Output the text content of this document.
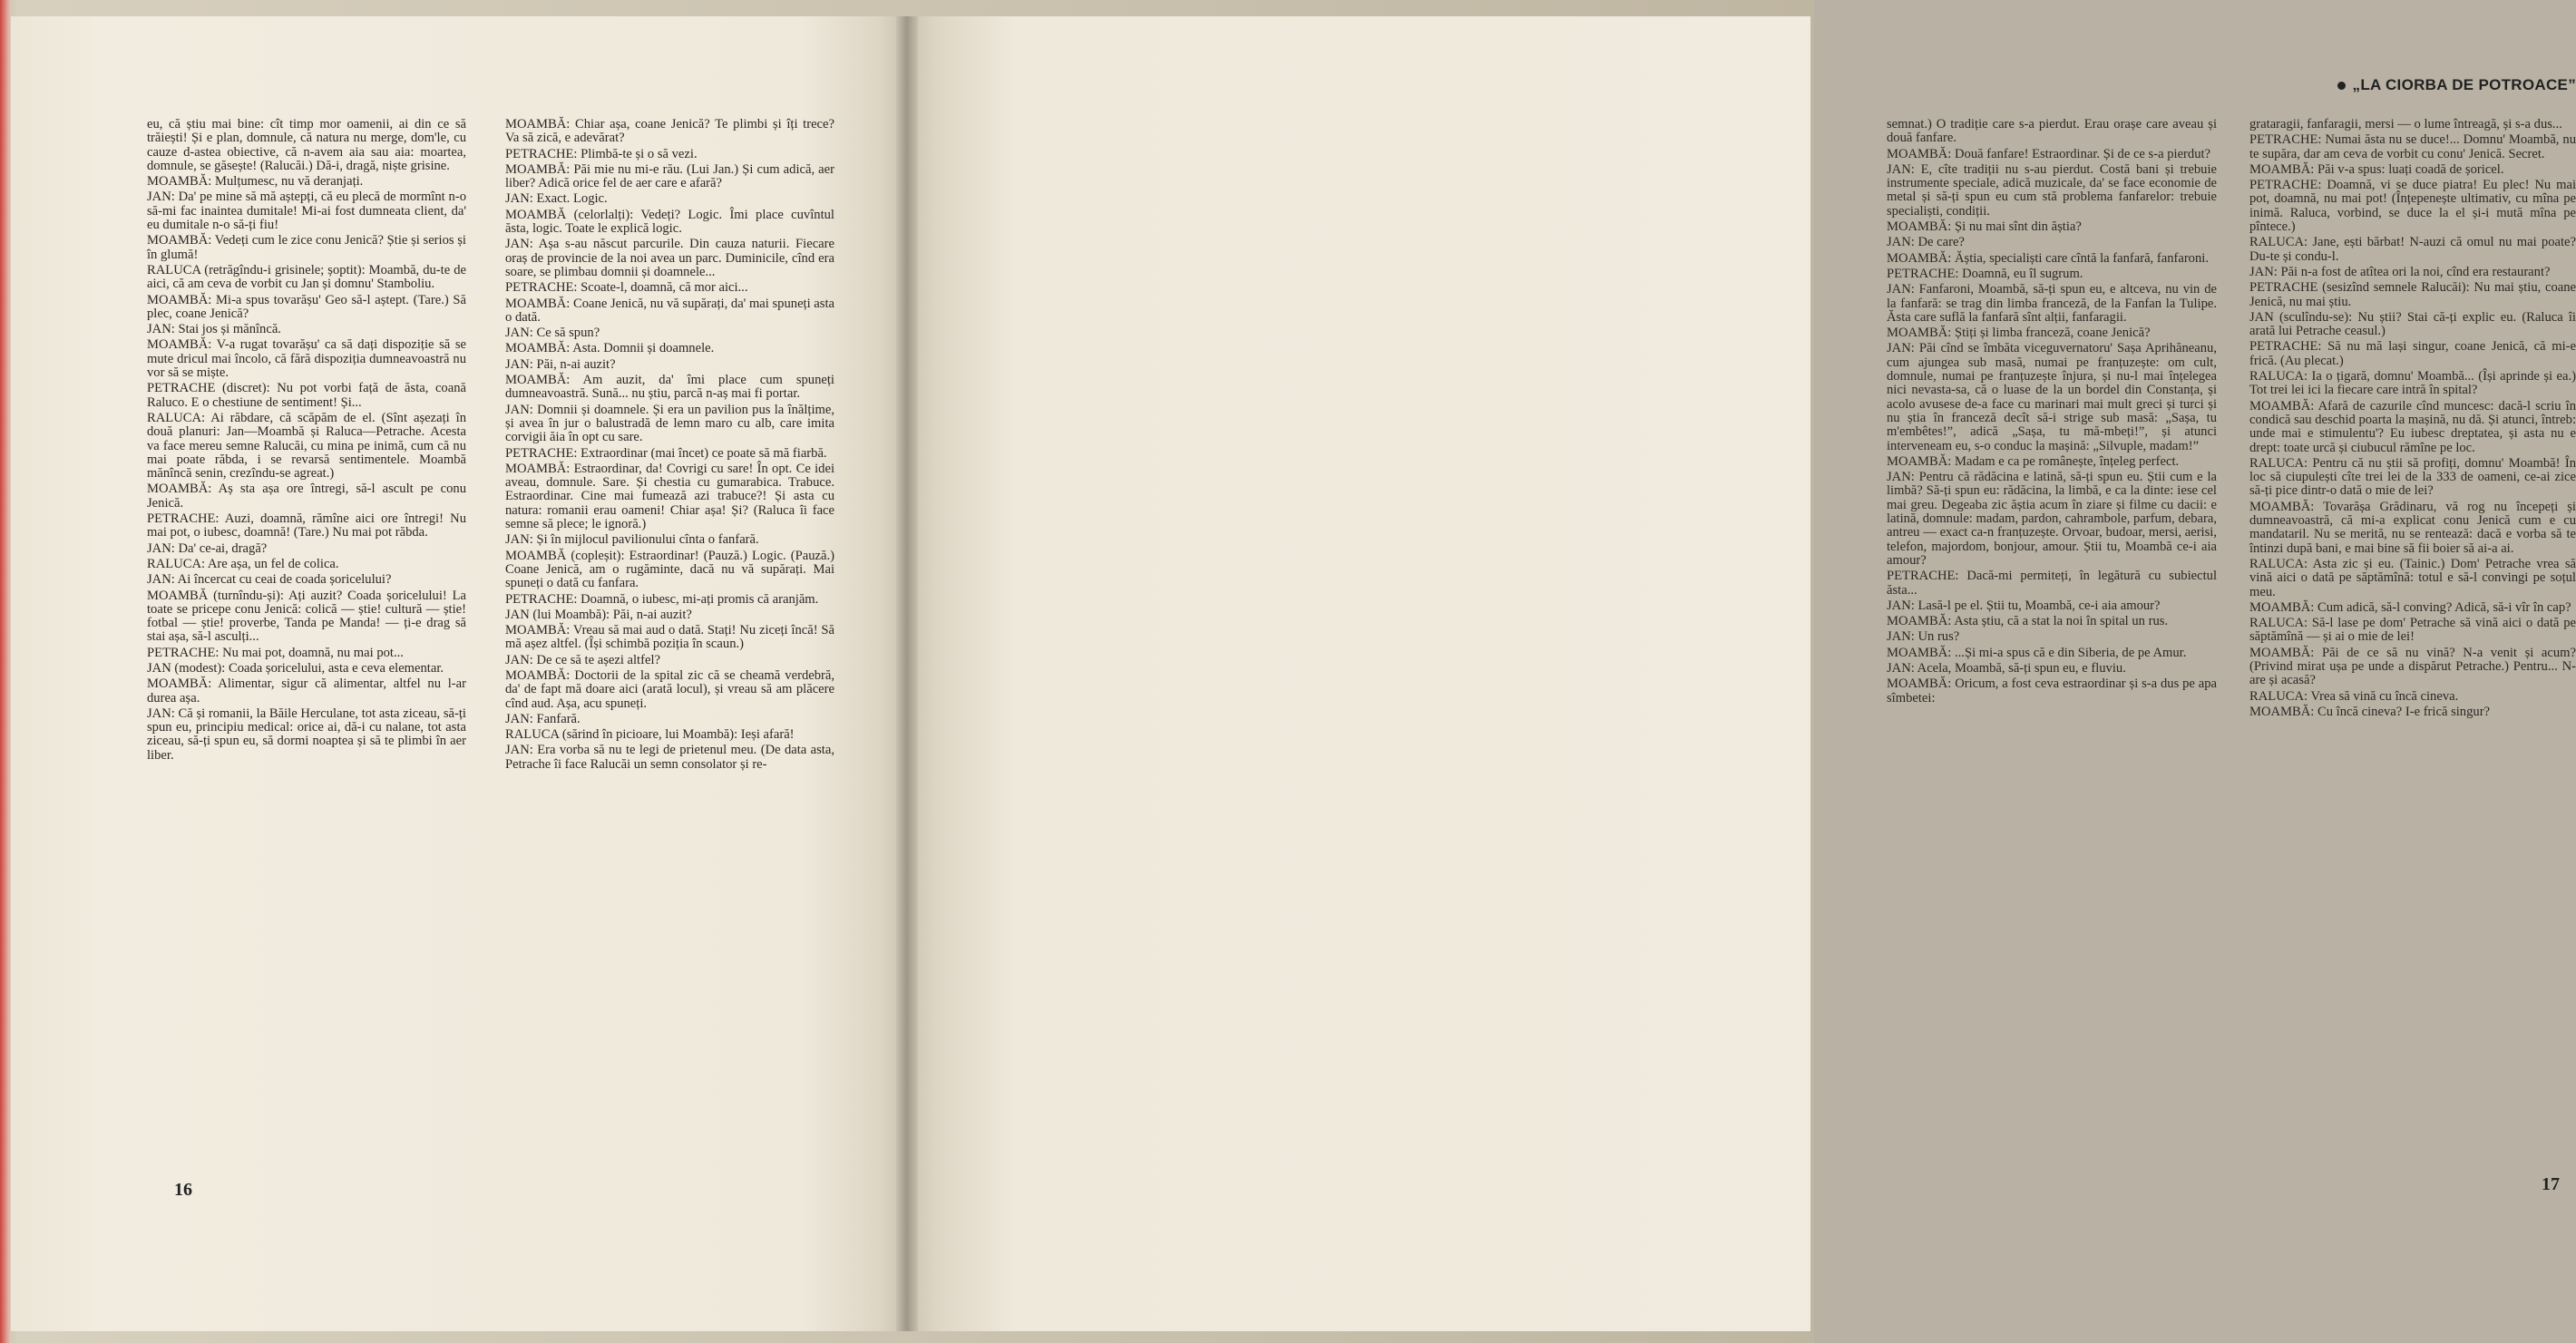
eu, că știu mai bine: cît timp mor oamenii, ai din ce să trăiești! Și e plan, domnule, că natura nu merge, dom'le, cu cauze d-astea obiective, că n-avem aia sau aia: moartea, domnule, se găsește! (Ralucăi.) Dă-i, dragă, niște grisine.

MOAMBĂ: Mulțumesc, nu vă deranjați.

JAN: Da' pe mine să mă aștepți, că eu plecă de mormînt n-o să-mi fac inaintea dumitale! Mi-ai fost dumneata client, da' eu dumitale n-o să-ți fiu!

MOAMBĂ: Vedeți cum le zice conu Jenică? Știe și serios și în glumă!

RALUCA (retrăgîndu-i grisinele; șoptit): Moambă, du-te de aici, că am ceva de vorbit cu Jan și domnu' Stamboliu.

MOAMBĂ: Mi-a spus tovarășu' Geo să-l aștept. (Tare.) Să plec, coane Jenică?

JAN: Stai jos și mănîncă.

MOAMBĂ: V-a rugat tovarășu' ca să dați dispoziție să se mute dricul mai încolo, că fără dispoziția dumneavoastră nu vor să se miște.

PETRACHE (discret): Nu pot vorbi față de ăsta, coană Raluco. E o chestiune de sentiment! Și...

RALUCA: Ai răbdare, că scăpăm de el. (Sînt așezați în două planuri: Jan—Moambă și Raluca—Petrache. Acesta va face mereu semne Ralucăi, cu mina pe inimă, cum că nu mai poate răbda, i se revarsă sentimentele. Moambă mănîncă senin, crezîndu-se agreat.)

MOAMBĂ: Aș sta așa ore întregi, să-l ascult pe conu Jenică.

PETRACHE: Auzi, doamnă, rămîne aici ore întregi! Nu mai pot, o iubesc, doamnă! (Tare.) Nu mai pot răbda.

JAN: Da' ce-ai, dragă?

RALUCA: Are așa, un fel de colica.

JAN: Ai încercat cu ceai de coada șoricelului?

MOAMBĂ (turnîndu-și): Ați auzit? Coada șoricelului! La toate se pricepe conu Jenică: colică — știe! cultură — știe! fotbal — știe! proverbe, Tanda pe Manda! — ți-e drag să stai așa, să-l asculți...

PETRACHE: Nu mai pot, doamnă, nu mai pot...

JAN (modest): Coada șoricelului, asta e ceva elementar.

MOAMBĂ: Alimentar, sigur că alimentar, altfel nu l-ar durea așa.

JAN: Că și romanii, la Băile Herculane, tot asta ziceau, să-ți spun eu, principiu medical: orice ai, dă-i cu nalane, tot asta ziceau, să-ți spun eu, să dormi noaptea și să te plimbi în aer liber.

MOAMBĂ: Chiar așa, coane Jenică? Te plimbi și îți trece? Va să zică, e adevărat?

PETRACHE: Plimbă-te și o să vezi.

MOAMBĂ: Păi mie nu mi-e rău. (Lui Jan.) Și cum adică, aer liber? Adică orice fel de aer care e afară?

JAN: Exact. Logic.

MOAMBĂ (celorlalți): Vedeți? Logic. Îmi place cuvîntul ăsta, logic. Toate le explică logic.

JAN: Așa s-au născut parcurile. Din cauza naturii. Fiecare oraș de provincie de la noi avea un parc. Duminicile, cînd era soare, se plimbau domnii și doamnele...

PETRACHE: Scoate-l, doamnă, că mor aici...

MOAMBĂ: Coane Jenică, nu vă supărați, da' mai spuneți asta o dată.

JAN: Ce să spun?

MOAMBĂ: Asta. Domnii și doamnele.

JAN: Păi, n-ai auzit?

MOAMBĂ: Am auzit, da' îmi place cum spuneți dumneavoastră. Sună... nu știu, parcă n-aș mai fi portar.

JAN: Domnii și doamnele. Și era un pavilion pus la înălțime, și avea în jur o balustradă de lemn maro cu alb, care imita corvigii ăia în opt cu sare.

PETRACHE: Extraordinar (mai încet) ce poate să mă fiarbă.

MOAMBĂ: Estraordinar, da! Covrigi cu sare! În opt. Ce idei aveau, domnule. Sare. Și chestia cu gumarabica. Trabuce. Estraordinar. Cine mai fumează azi trabuce?! Și asta cu natura: romanii erau oameni! Chiar așa! Și? (Raluca îi face semne să plece; le ignoră.)

JAN: Și în mijlocul pavilionului cînta o fanfară.

MOAMBĂ (copleșit): Estraordinar! (Pauză.) Logic. (Pauză.) Coane Jenică, am o rugăminte, dacă nu vă supărați. Mai spuneți o dată cu fanfara.

PETRACHE: Doamnă, o iubesc, mi-ați promis că aranjăm.

JAN (lui Moambă): Păi, n-ai auzit?

MOAMBĂ: Vreau să mai aud o dată. Stați! Nu ziceți încă! Să mă așez altfel. (Își schimbă poziția în scaun.)

JAN: De ce să te așezi altfel?

MOAMBĂ: Doctorii de la spital zic că se cheamă verdebră, da' de fapt mă doare aici (arată locul), și vreau să am plăcere cînd aud. Așa, acu spuneți.

JAN: Fanfară.

RALUCA (sărind în picioare, lui Moambă): Ieși afară!

JAN: Era vorba să nu te legi de prietenul meu. (De data asta, Petrache îi face Ralucăi un semn consolator și re-

16
„LA CIORBA DE POTROACE”

semnat.) O tradiție care s-a pierdut. Erau orașe care aveau și două fanfare.

MOAMBĂ: Două fanfare! Estraordinar. Și de ce s-a pierdut?

JAN: E, cîte tradiții nu s-au pierdut. Costă bani și trebuie instrumente speciale, adică muzicale, da' se face economie de metal și să-ți spun eu cum stă problema fanfarelor: trebuie specialiști, condiții.

MOAMBĂ: Și nu mai sînt din ăștia?

JAN: De care?

MOAMBĂ: Ăștia, specialiști care cîntă la fanfară, fanfaroni.

PETRACHE: Doamnă, eu îl sugrum.

JAN: Fanfaroni, Moambă, să-ți spun eu, e altceva, nu vin de la fanfară: se trag din limba franceză, de la Fanfan la Tulipe. Ăsta care suflă la fanfară sînt alții, fanfaragii.

MOAMBĂ: Știți și limba franceză, coane Jenică?

JAN: Păi cînd se îmbăta viceguvernatoru' Sașa Aprihăneanu, cum ajungea sub masă, numai pe franțuzește: om cult, domnule, numai pe franțuzește înjura, și nu-l mai înțelegea nici nevasta-sa, că o luase de la un bordel din Constanța, și acolo avusese de-a face cu marinari mai mult greci și turci și nu știa în franceză decît să-i strige sub masă: „Sașa, tu m'embêtes!”, adică „Sașa, tu mă-mbeți!”, și atunci interveneam eu, s-o conduc la mașină: „Silvuple, madam!”

MOAMBĂ: Madam e ca pe românește, înțeleg perfect.

JAN: Pentru că rădăcina e latină, să-ți spun eu. Știi cum e la limbă? Să-ți spun eu: rădăcina, la limbă, e ca la dinte: iese cel mai greu. Degeaba zic ăștia acum în ziare și filme cu dacii: e latină, domnule: madam, pardon, cahrambole, parfum, debara, antreu — exact ca-n franțuzește. Orvoar, budoar, mersi, aerisi, telefon, majordom, bonjour, amour. Știi tu, Moambă ce-i aia amour?

PETRACHE: Dacă-mi permiteți, în legătură cu subiectul ăsta...

JAN: Lasă-l pe el. Știi tu, Moambă, ce-i aia amour?

MOAMBĂ: Asta știu, că a stat la noi în spital un rus.

JAN: Un rus?

MOAMBĂ: ...Și mi-a spus că e din Siberia, de pe Amur.

JAN: Acela, Moambă, să-ți spun eu, e fluviu.

MOAMBĂ: Oricum, a fost ceva estraordinar și s-a dus pe apa sîmbetei:

grataragii, fanfaragii, mersi — o lume întreagă, și s-a dus...

PETRACHE: Numai ăsta nu se duce!... Domnu' Moambă, nu te supăra, dar am ceva de vorbit cu conu' Jenică. Secret.

MOAMBĂ: Păi v-a spus: luați coadă de șoricel.

PETRACHE: Doamnă, vi se duce piatra! Eu plec! Nu mai pot, doamnă, nu mai pot! (Înțepenește ultimativ, cu mîna pe inimă. Raluca, vorbind, se duce la el și-i mută mîna pe pîntece.)

RALUCA: Jane, ești bărbat! N-auzi că omul nu mai poate? Du-te și condu-l.

JAN: Păi n-a fost de atîtea ori la noi, cînd era restaurant?

PETRACHE (sesizînd semnele Ralucăi): Nu mai știu, coane Jenică, nu mai știu.

JAN (sculîndu-se): Nu știi? Stai că-ți explic eu. (Raluca îi arată lui Petrache ceasul.)

PETRACHE: Să nu mă lași singur, coane Jenică, că mi-e frică. (Au plecat.)

RALUCA: Ia o țigară, domnu' Moambă... (Își aprinde și ea.) Tot trei lei ici la fiecare care intră în spital?

MOAMBĂ: Afară de cazurile cînd muncesc: dacă-l scriu în condică sau deschid poarta la mașină, nu dă. Și atunci, întreb: unde mai e stimulentu'? Eu iubesc dreptatea, și asta nu e drept: toate urcă și ciubucul rămîne pe loc.

RALUCA: Pentru că nu știi să profiți, domnu' Moambă! În loc să ciupulești cîte trei lei de la 333 de oameni, ce-ai zice să-ți pice dintr-o dată o mie de lei?

MOAMBĂ: Tovarășa Grădinaru, vă rog nu începeți și dumneavoastră, că mi-a explicat conu Jenică cum e cu mandataril. Nu se merită, nu se rentează: dacă e vorba să te întinzi după bani, e mai bine să fii boier să ai-a ai.

RALUCA: Asta zic și eu. (Tainic.) Dom' Petrache vrea să vină aici o dată pe săptămînă: totul e să-l convingi pe soțul meu.

MOAMBĂ: Cum adică, să-l conving? Adică, să-i vîr în cap?

RALUCA: Să-l lase pe dom' Petrache să vină aici o dată pe săptămînă — și ai o mie de lei!

MOAMBĂ: Păi de ce să nu vină? N-a venit și acum? (Privind mirat ușa pe unde a dispărut Petrache.) Pentru... N-are și acasă?

RALUCA: Vrea să vină cu încă cineva.

MOAMBĂ: Cu încă cineva? I-e frică singur?

17
